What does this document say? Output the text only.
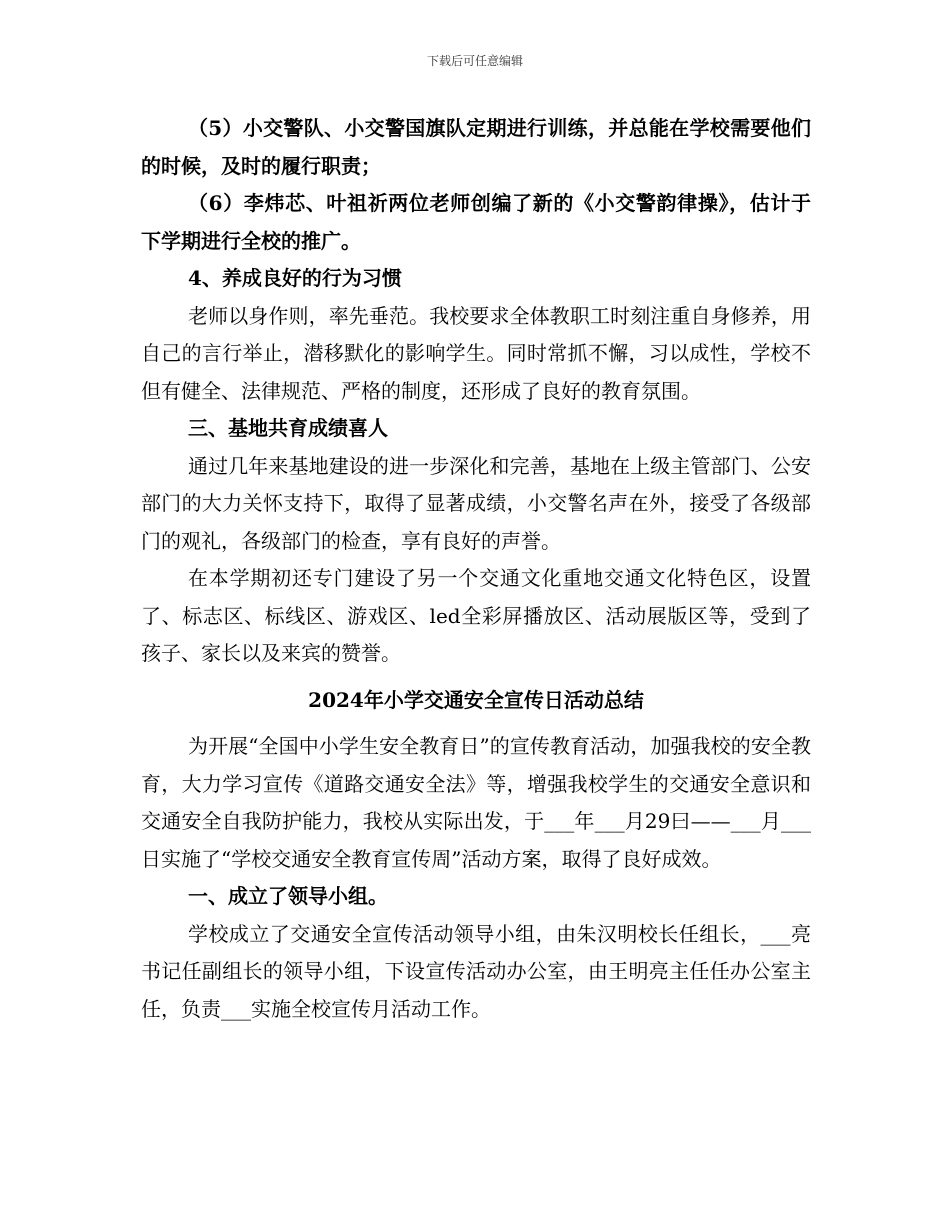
下载后可任意编辑

（5）小交警队、小交警国旗队定期进行训练，并总能在学校需要他们的时候，及时的履行职责；

（6）李炜芯、叶祖祈两位老师创编了新的《小交警韵律操》，估计于下学期进行全校的推广。

4、养成良好的行为习惯

老师以身作则，率先垂范。我校要求全体教职工时刻注重自身修养，用自己的言行举止，潜移默化的影响学生。同时常抓不懈，习以成性，学校不但有健全、法律规范、严格的制度，还形成了良好的教育氛围。

三、基地共育成绩喜人

通过几年来基地建设的进一步深化和完善，基地在上级主管部门、公安部门的大力关怀支持下，取得了显著成绩，小交警名声在外，接受了各级部门的观礼，各级部门的检查，享有良好的声誉。

在本学期初还专门建设了另一个交通文化重地交通文化特色区，设置了、标志区、标线区、游戏区、led全彩屏播放区、活动展版区等，受到了孩子、家长以及来宾的赞誉。

2024年小学交通安全宣传日活动总结

为开展“全国中小学生安全教育日”的宣传教育活动，加强我校的安全教育，大力学习宣传《道路交通安全法》等，增强我校学生的交通安全意识和交通安全自我防护能力，我校从实际出发，于___年___月29曰——___月___日实施了“学校交通安全教育宣传周”活动方案，取得了良好成效。

一、成立了领导小组。

学校成立了交通安全宣传活动领导小组，由朱汉明校长任组长，___亮书记任副组长的领导小组，下设宣传活动办公室，由王明亮主任任办公室主任，负责___实施全校宣传月活动工作。
